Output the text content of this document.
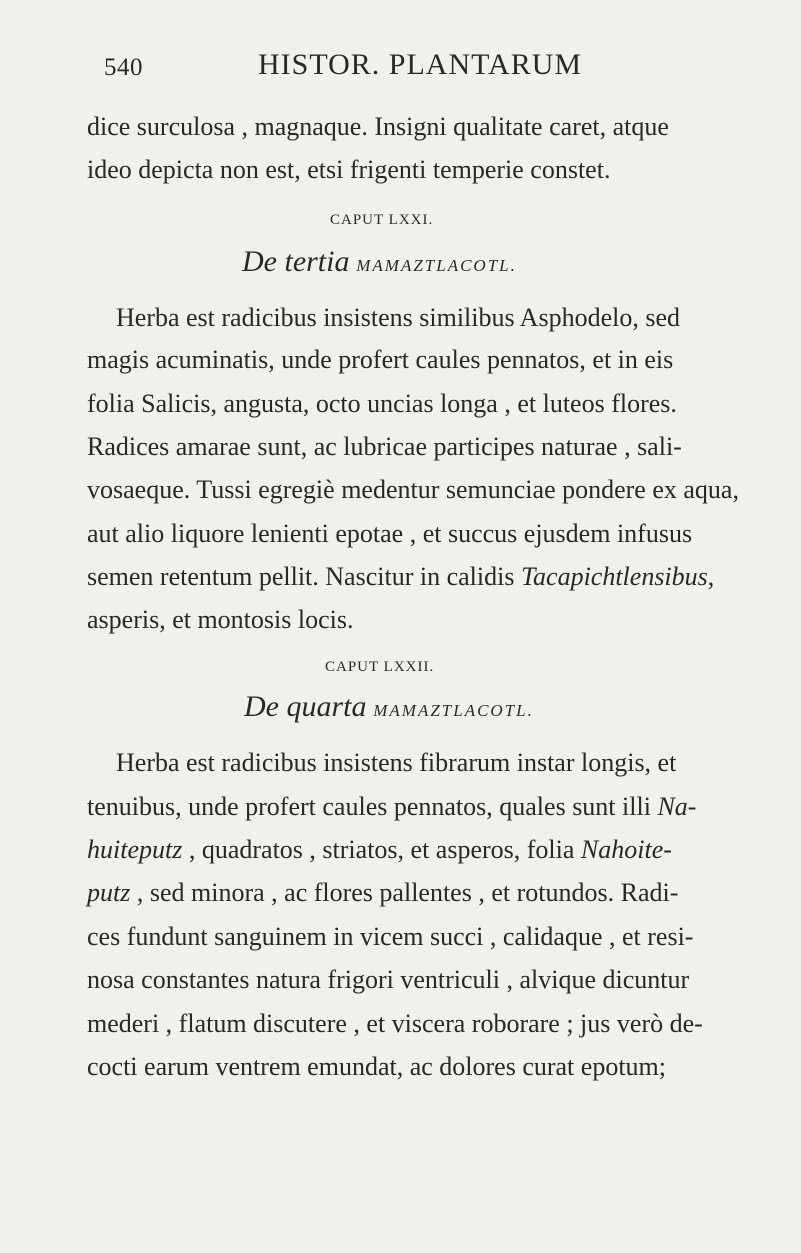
540	HISTOR. PLANTARUM
dice surculosa , magnaque. Insigni qualitate caret, atque
ideo depicta non est, etsi frigenti temperie constet.
CAPUT LXXI.
De tertia MAMAZTLACOTL.
Herba est radicibus insistens similibus Asphodelo, sed
magis acuminatis, unde profert caules pennatos, et in eis
folia Salicis, angusta, octo uncias longa , et luteos flores.
Radices amarae sunt, ac lubricae participes naturae , sali-
vosaeque. Tussi egregiè medentur semunciae pondere ex aqua,
aut alio liquore lenienti epotae , et succus ejusdem infusus
semen retentum pellit. Nascitur in calidis Tacapichtlensibus,
asperis, et montosis locis.
CAPUT LXXII.
De quarta MAMAZTLACOTL.
Herba est radicibus insistens fibrarum instar longis, et
tenuibus, unde profert caules pennatos, quales sunt illi Na-
huiteputz , quadratos , striatos, et asperos, folia Nahoite-
putz , sed minora , ac flores pallentes , et rotundos. Radi-
ces fundunt sanguinem in vicem succi , calidaque , et resi-
nosa constantes natura frigori ventriculi , alvique dicuntur
mederi , flatum discutere , et viscera roborare ; jus verò de-
cocti earum ventrem emundat, ac dolores curat epotum;
